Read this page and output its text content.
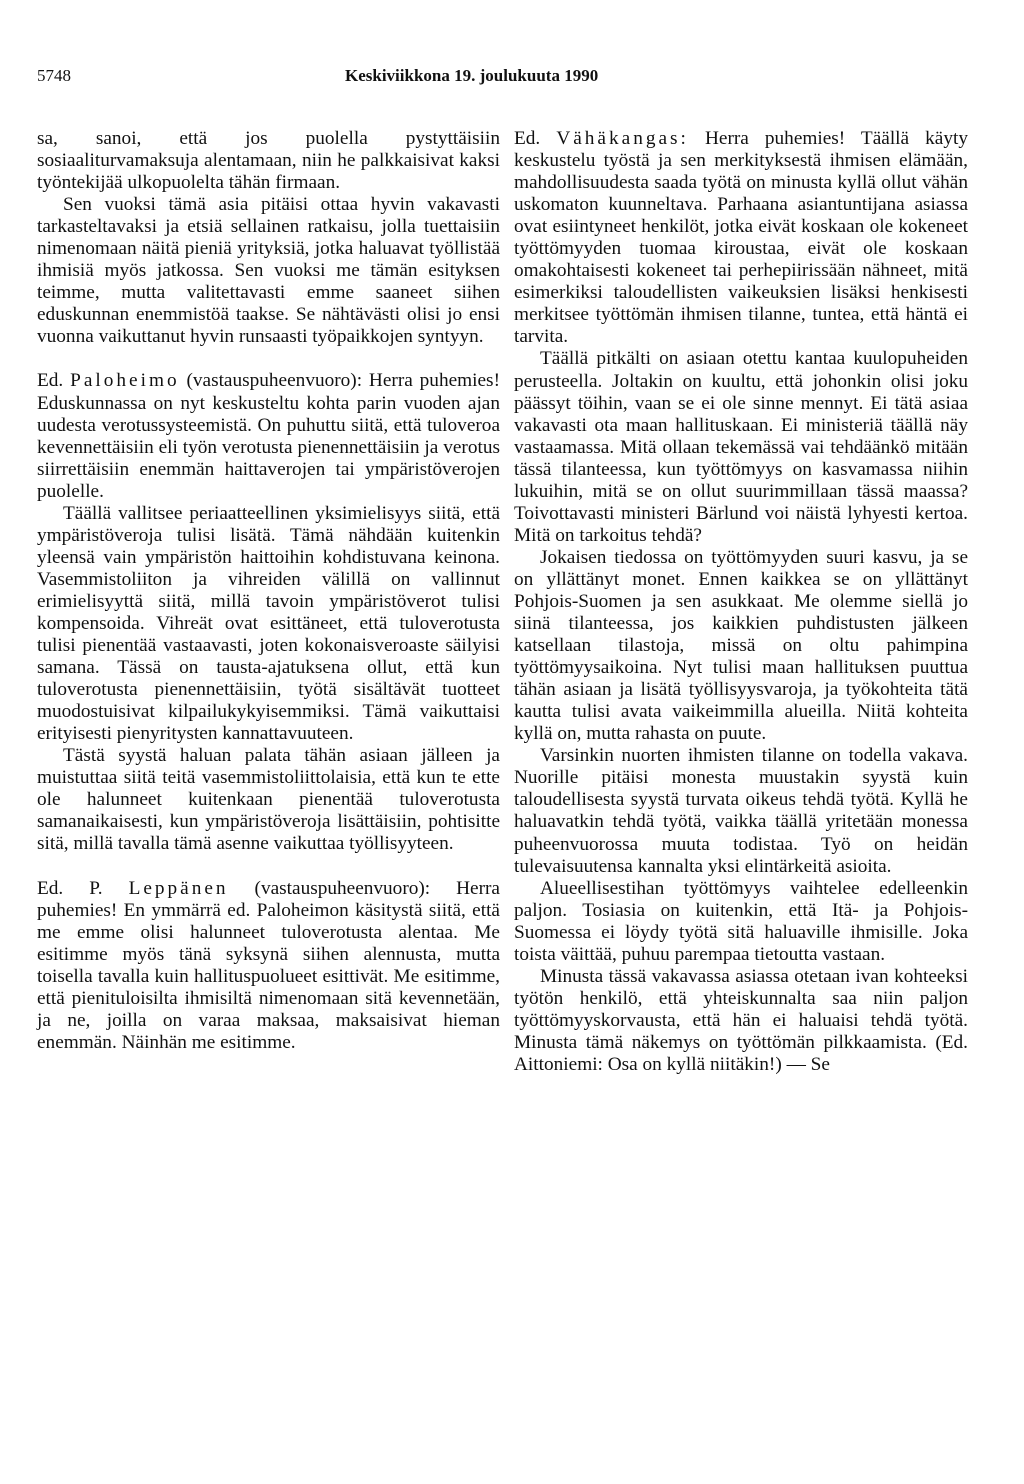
5748	Keskiviikkona 19. joulukuuta 1990

sa, sanoi, että jos puolella pystyttäisiin sosiaaliturvamaksuja alentamaan, niin he palkkaisivat kaksi työntekijää ulkopuolelta tähän firmaan.

Sen vuoksi tämä asia pitäisi ottaa hyvin vakavasti tarkasteltavaksi ja etsiä sellainen ratkaisu, jolla tuettaisiin nimenomaan näitä pieniä yrityksiä, jotka haluavat työllistää ihmisiä myös jatkossa. Sen vuoksi me tämän esityksen teimme, mutta valitettavasti emme saaneet siihen eduskunnan enemmistöä taakse. Se nähtävästi olisi jo ensi vuonna vaikuttanut hyvin runsaasti työpaikkojen syntyyn.

Ed. Paloheimo (vastauspuheenvuoro): Herra puhemies! Eduskunnassa on nyt keskusteltu kohta parin vuoden ajan uudesta verotussysteemistä. On puhuttu siitä, että tuloveroa kevennettäisiin eli työn verotusta pienennettäisiin ja verotus siirrettäisiin enemmän haittaverojen tai ympäristöverojen puolelle.

Täällä vallitsee periaatteellinen yksimielisyys siitä, että ympäristöveroja tulisi lisätä. Tämä nähdään kuitenkin yleensä vain ympäristön haittoihin kohdistuvana keinona. Vasemmistoliiton ja vihreiden välillä on vallinnut erimielisyyttä siitä, millä tavoin ympäristöverot tulisi kompensoida. Vihreät ovat esittäneet, että tuloverotusta tulisi pienentää vastaavasti, joten kokonaisveroaste säilyisi samana. Tässä on tausta-ajatuksena ollut, että kun tuloverotusta pienennettäisiin, työtä sisältävät tuotteet muodostuisivat kilpailukykyisemmiksi. Tämä vaikuttaisi erityisesti pienyritysten kannattavuuteen.

Tästä syystä haluan palata tähän asiaan jälleen ja muistuttaa siitä teitä vasemmistoliittolaisia, että kun te ette ole halunneet kuitenkaan pienentää tuloverotusta samanaikaisesti, kun ympäristöveroja lisättäisiin, pohtisitte sitä, millä tavalla tämä asenne vaikuttaa työllisyyteen.

Ed. P. Leppänen (vastauspuheenvuoro): Herra puhemies! En ymmärrä ed. Paloheimon käsitystä siitä, että me emme olisi halunneet tuloverotusta alentaa. Me esitimme myös tänä syksynä siihen alennusta, mutta toisella tavalla kuin hallituspuolueet esittivät. Me esitimme, että pienituloisilta ihmisiltä nimenomaan sitä kevennetään, ja ne, joilla on varaa maksaa, maksaisivat hieman enemmän. Näinhän me esitimme.

Ed. Vähäkangas: Herra puhemies! Täällä käyty keskustelu työstä ja sen merkityksestä ihmisen elämään, mahdollisuudesta saada työtä on minusta kyllä ollut vähän uskomaton kuunneltava. Parhaana asiantuntijana asiassa ovat esiintyneet henkilöt, jotka eivät koskaan ole kokeneet työttömyyden tuomaa kiroustaa, eivät ole koskaan omakohtaisesti kokeneet tai perhepiirissään nähneet, mitä esimerkiksi taloudellisten vaikeuksien lisäksi henkisesti merkitsee työttömän ihmisen tilanne, tuntea, että häntä ei tarvita.

Täällä pitkälti on asiaan otettu kantaa kuulopuheiden perusteella. Joltakin on kuultu, että johonkin olisi joku päässyt töihin, vaan se ei ole sinne mennyt. Ei tätä asiaa vakavasti ota maan hallituskaan. Ei ministeriä täällä näy vastaamassa. Mitä ollaan tekemässä vai tehdäänkö mitään tässä tilanteessa, kun työttömyys on kasvamassa niihin lukuihin, mitä se on ollut suurimmillaan tässä maassa? Toivottavasti ministeri Bärlund voi näistä lyhyesti kertoa. Mitä on tarkoitus tehdä?

Jokaisen tiedossa on työttömyyden suuri kasvu, ja se on yllättänyt monet. Ennen kaikkea se on yllättänyt Pohjois-Suomen ja sen asukkaat. Me olemme siellä jo siinä tilanteessa, jos kaikkien puhdistusten jälkeen katsellaan tilastoja, missä on oltu pahimpina työttömyysaikoina. Nyt tulisi maan hallituksen puuttua tähän asiaan ja lisätä työllisyysvaroja, ja työkohteita tätä kautta tulisi avata vaikeimmilla alueilla. Niitä kohteita kyllä on, mutta rahasta on puute.

Varsinkin nuorten ihmisten tilanne on todella vakava. Nuorille pitäisi monesta muustakin syystä kuin taloudellisesta syystä turvata oikeus tehdä työtä. Kyllä he haluavatkin tehdä työtä, vaikka täällä yritetään monessa puheenvuorossa muuta todistaa. Työ on heidän tulevaisuutensa kannalta yksi elintärkeitä asioita.

Alueellisestihan työttömyys vaihtelee edelleenkin paljon. Tosiasia on kuitenkin, että Itä- ja Pohjois-Suomessa ei löydy työtä sitä haluaville ihmisille. Joka toista väittää, puhuu parempaa tietoutta vastaan.

Minusta tässä vakavassa asiassa otetaan ivan kohteeksi työtön henkilö, että yhteiskunnalta saa niin paljon työttömyyskorvausta, että hän ei haluaisi tehdä työtä. Minusta tämä näkemys on työttömän pilkkaamista. (Ed. Aittoniemi: Osa on kyllä niitäkin!) — Se
